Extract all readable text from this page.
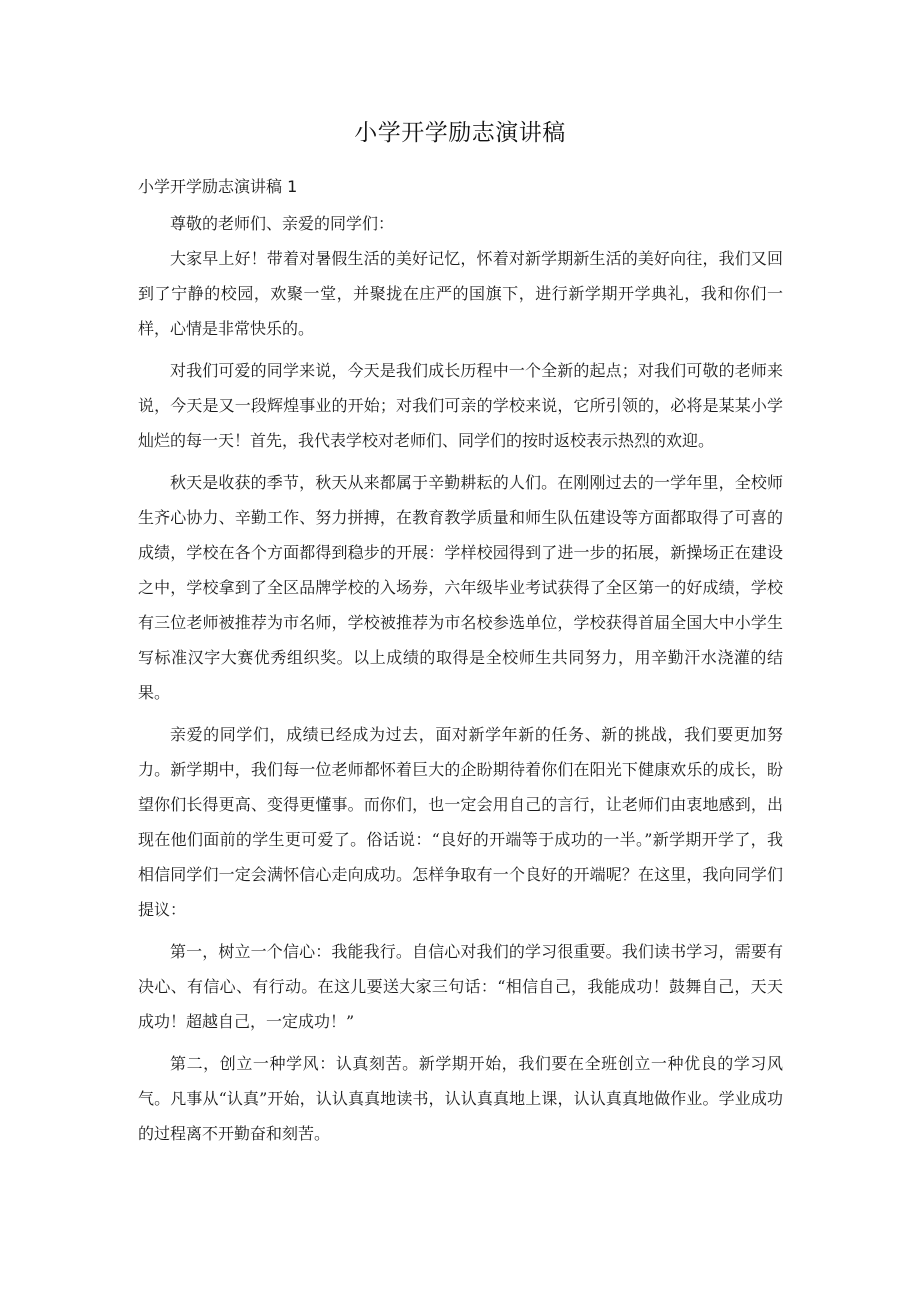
小学开学励志演讲稿
小学开学励志演讲稿 1

尊敬的老师们、亲爱的同学们：

大家早上好！带着对暑假生活的美好记忆，怀着对新学期新生活的美好向往，我们又回到了宁静的校园，欢聚一堂，并聚拢在庄严的国旗下，进行新学期开学典礼，我和你们一样，心情是非常快乐的。

对我们可爱的同学来说，今天是我们成长历程中一个全新的起点；对我们可敬的老师来说，今天是又一段辉煌事业的开始；对我们可亲的学校来说，它所引领的，必将是某某小学灿烂的每一天！首先，我代表学校对老师们、同学们的按时返校表示热烈的欢迎。

秋天是收获的季节，秋天从来都属于辛勤耕耘的人们。在刚刚过去的一学年里，全校师生齐心协力、辛勤工作、努力拼搏，在教育教学质量和师生队伍建设等方面都取得了可喜的成绩，学校在各个方面都得到稳步的开展：学样校园得到了进一步的拓展，新操场正在建设之中，学校拿到了全区品牌学校的入场券，六年级毕业考试获得了全区第一的好成绩，学校有三位老师被推荐为市名师，学校被推荐为市名校参选单位，学校获得首届全国大中小学生写标准汉字大赛优秀组织奖。以上成绩的取得是全校师生共同努力，用辛勤汗水浇灌的结果。

亲爱的同学们，成绩已经成为过去，面对新学年新的任务、新的挑战，我们要更加努力。新学期中，我们每一位老师都怀着巨大的企盼期待着你们在阳光下健康欢乐的成长，盼望你们长得更高、变得更懂事。而你们，也一定会用自己的言行，让老师们由衷地感到，出现在他们面前的学生更可爱了。俗话说：“良好的开端等于成功的一半。”新学期开学了，我相信同学们一定会满怀信心走向成功。怎样争取有一个良好的开端呢？在这里，我向同学们提议：

第一，树立一个信心：我能我行。自信心对我们的学习很重要。我们读书学习，需要有决心、有信心、有行动。在这儿要送大家三句话：“相信自己，我能成功！鼓舞自己，天天成功！超越自己，一定成功！”

第二，创立一种学风：认真刻苦。新学期开始，我们要在全班创立一种优良的学习风气。凡事从“认真”开始，认认真真地读书，认认真真地上课，认认真真地做作业。学业成功的过程离不开勤奋和刻苦。
